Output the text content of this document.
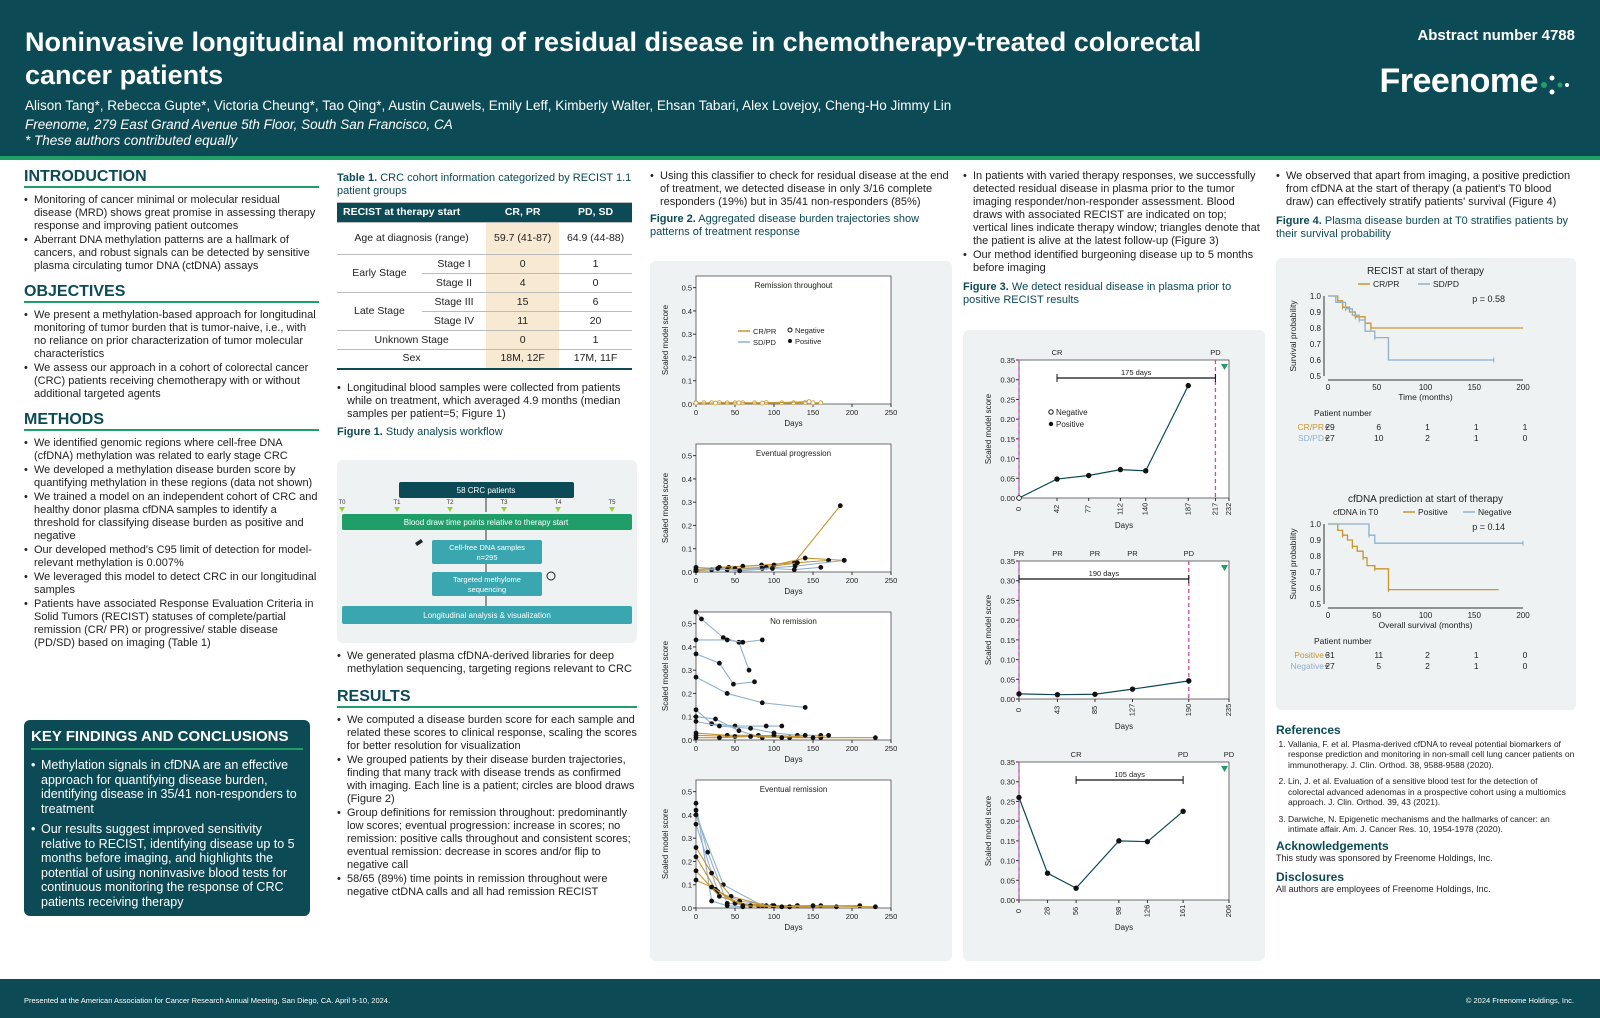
Noninvasive longitudinal monitoring of residual disease in chemotherapy-treated colorectal cancer patients
Alison Tang*, Rebecca Gupte*, Victoria Cheung*, Tao Qing*, Austin Cauwels, Emily Leff, Kimberly Walter, Ehsan Tabari, Alex Lovejoy, Cheng-Ho Jimmy Lin
Freenome, 279 East Grand Avenue 5th Floor, South San Francisco, CA
* These authors contributed equally
Abstract number 4788
Freenome
INTRODUCTION
• Monitoring of cancer minimal or molecular residual disease (MRD) shows great promise in assessing therapy response and improving patient outcomes
• Aberrant DNA methylation patterns are a hallmark of cancers, and robust signals can be detected by sensitive plasma circulating tumor DNA (ctDNA) assays
OBJECTIVES
• We present a methylation-based approach for longitudinal monitoring of tumor burden that is tumor-naive, i.e., with no reliance on prior characterization of tumor molecular characteristics
• We assess our approach in a cohort of colorectal cancer (CRC) patients receiving chemotherapy with or without additional targeted agents
METHODS
• We identified genomic regions where cell-free DNA (cfDNA) methylation was related to early stage CRC
• We developed a methylation disease burden score by quantifying methylation in these regions (data not shown)
• We trained a model on an independent cohort of CRC and healthy donor plasma cfDNA samples to identify a threshold for classifying disease burden as positive and negative
• Our developed method's C95 limit of detection for model-relevant methylation is 0.007%
• We leveraged this model to detect CRC in our longitudinal samples
• Patients have associated Response Evaluation Criteria in Solid Tumors (RECIST) statuses of complete/partial remission (CR/ PR) or progressive/ stable disease (PD/SD) based on imaging (Table 1)
KEY FINDINGS AND CONCLUSIONS
• Methylation signals in cfDNA are an effective approach for quantifying disease burden, identifying disease in 35/41 non-responders to treatment
• Our results suggest improved sensitivity relative to RECIST, identifying disease up to 5 months before imaging, and highlights the potential of using noninvasive blood tests for continuous monitoring the response of CRC patients receiving therapy
Table 1. CRC cohort information categorized by RECIST 1.1 patient groups
RECIST at therapy start		CR, PR	PD, SD
Age at diagnosis (range)		59.7 (41-87)	64.9 (44-88)
Early Stage	Stage I	0	1
	Stage II	4	0
Late Stage	Stage III	15	6
	Stage IV	11	20
Unknown Stage		0	1
Sex		18M, 12F	17M, 11F
• Longitudinal blood samples were collected from patients while on treatment, which averaged 4.9 months (median samples per patient=5; Figure 1)
Figure 1. Study analysis workflow
58 CRC patients
T0	T1	T2	T3	T4	T5
Blood draw time points relative to therapy start
Cell-free DNA samples
n=295
Targeted methylome
sequencing
Longitudinal analysis & visualization
• We generated plasma cfDNA-derived libraries for deep methylation sequencing, targeting regions relevant to CRC
RESULTS
• We computed a disease burden score for each sample and related these scores to clinical response, scaling the scores for better resolution for visualization
• We grouped patients by their disease burden trajectories, finding that many track with disease trends as confirmed with imaging. Each line is a patient; circles are blood draws (Figure 2)
• Group definitions for remission throughout: predominantly low scores; eventual progression: increase in scores; no remission: positive calls throughout and consistent scores; eventual remission: decrease in scores and/or flip to negative call
• 58/65 (89%) time points in remission throughout were negative ctDNA calls and all had remission RECIST
• Using this classifier to check for residual disease at the end of treatment, we detected disease in only 3/16 complete responders (19%) but in 35/41 non-responders (85%)
Figure 2. Aggregated disease burden trajectories show patterns of treatment response
0	50	100	150	200	250
0.0
0.1
0.2
0.3
0.4
0.5
Days
Scaled model score
Remission throughout
CR/PR
SD/PD
Negative
Positive
0	50	100	150	200	250
0.0
0.1
0.2
0.3
0.4
0.5
Days
Scaled model score
Eventual progression
0	50	100	150	200	250
0.0
0.1
0.2
0.3
0.4
0.5
Days
Scaled model score
No remission
0	50	100	150	200	250
0.0
0.1
0.2
0.3
0.4
0.5
Days
Scaled model score
Eventual remission
• In patients with varied therapy responses, we successfully detected residual disease in plasma prior to the tumor imaging responder/non-responder assessment. Blood draws with associated RECIST are indicated on top; vertical lines indicate therapy window; triangles denote that the patient is alive at the latest follow-up (Figure 3)
• Our method identified burgeoning disease up to 5 months before imaging
Figure 3. We detect residual disease in plasma prior to positive RECIST results
0	42	77	112 140	187 217 232
0.00
0.05
0.10
0.15
0.20
0.25
0.30
0.35
Days
Scaled model score
CR	PD
175 days
Negative
Positive
0	43	85	127	190	235
0.00
0.05
0.10
0.15
0.20
0.25
0.30
0.35
Days
Scaled model score
PR	PR	PR	PR	PD
190 days
0	28	56	98	126	161	206
0.00
0.05
0.10
0.15
0.20
0.25
0.30
0.35
Days
Scaled model score
CR	PD	PD
105 days
• We observed that apart from imaging, a positive prediction from cfDNA at the start of therapy (a patient's T0 blood draw) can effectively stratify patients' survival (Figure 4)
Figure 4. Plasma disease burden at T0 stratifies patients by their survival probability
RECIST at start of therapy
CR/PR	SD/PD
0	50	100	150	200
0.5
0.6
0.7
0.8
0.9
1.0
Time (months)
Survival probability
p = 0.58
Patient number
CR/PR 29	6	1	1	1
SD/PD 27	10	2	1	0
cfDNA prediction at start of therapy
cfDNA in T0	Positive	Negative
0	50	100	150	200
0.5
0.6
0.7
0.8
0.9
1.0
Overall survival (months)
Survival probability
p = 0.14
Patient number
Positive 31	11	2	1	0
Negative 27	5	2	1	0
References
1. Vallania, F. et al. Plasma-derived cfDNA to reveal potential biomarkers of response prediction and monitoring in non-small cell lung cancer patients on immunotherapy. J. Clin. Orthod. 38, 9588-9588 (2020).
2. Lin, J. et al. Evaluation of a sensitive blood test for the detection of colorectal advanced adenomas in a prospective cohort using a multiomics approach. J. Clin. Orthod. 39, 43 (2021).
3. Darwiche, N. Epigenetic mechanisms and the hallmarks of cancer: an intimate affair. Am. J. Cancer Res. 10, 1954-1978 (2020).
Acknowledgements
This study was sponsored by Freenome Holdings, Inc.
Disclosures
All authors are employees of Freenome Holdings, Inc.
Presented at the American Association for Cancer Research Annual Meeting, San Diego, CA. April 5-10, 2024.	© 2024 Freenome Holdings, Inc.
